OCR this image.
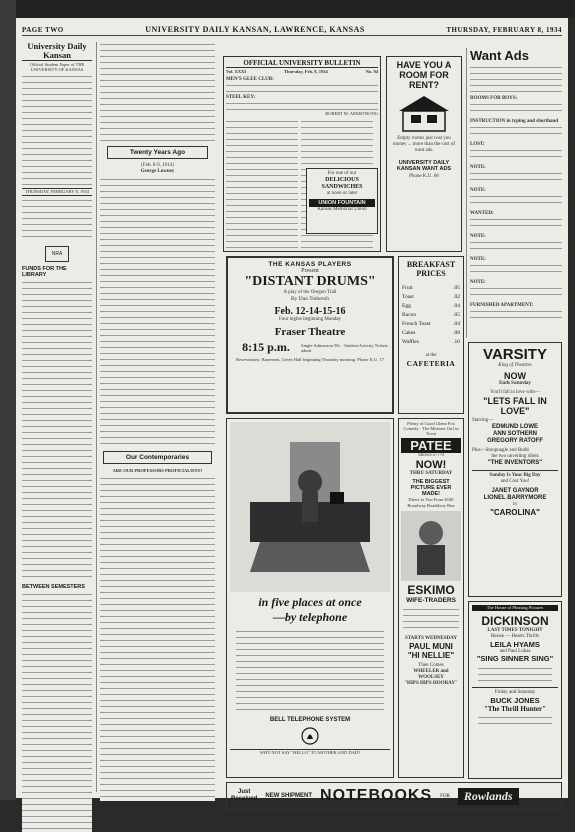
PAGE TWO	UNIVERSITY DAILY KANSAN, LAWRENCE, KANSAS	THURSDAY, FEBRUARY 8, 1934
University Daily Kansan
Official Student Paper of THE UNIVERSITY OF KANSAS
THURSDAY, FEBRUARY 8, 1934
NRA
FUNDS FOR THE LIBRARY
BETWEEN SEMESTERS
Twenty Years Ago
(Feb. 8-9, 1914)
George Lowney
Our Contemporaries
ARE OUR PROFESSORS PROFICIALISTS?
OFFICIAL UNIVERSITY BULLETIN
Vol. XXXI	Thursday, Feb. 8, 1934	No. 94
MEN'S GLEE CLUB:
STEEL KEY:
ROBERT M. ARMSTRONG
For one of our
DELICIOUS SANDWICHES
at noon or later
UNION FOUNTAIN
Kansas Memorial Union
HAVE YOU A ROOM FOR RENT?
Empty rooms just cost you money ... more than the cost of want ads.
UNIVERSITY DAILY KANSAN WANT ADS
Phone K.U. 66
Want Ads
ROOMS FOR BOYS:
INSTRUCTION in typing and shorthand
LOST:
NOTE:
NOTE:
WANTED:
NOTE:
NOTE:
NOTE:
FURNISHED APARTMENT:
THE KANSAS PLAYERS
Present
"DISTANT DRUMS"
A play of the Oregon Trail
By Dan Totheroh
Feb. 12-14-15-16
Four nights beginning Monday
Fraser Theatre
8:15 p.m.	Single Admission 50c · Student Activity Tickets admit
Reservations: Basement, Green Hall beginning Thursday morning. Phone K.U. 17
BREAKFAST PRICES
Fruit	.05
Toast	.02
Egg	.04
Bacon	.05
French Toast	.04
Cakes	.08
Waffles	.10
at the
CAFETERIA
in five places at once
—by telephone
BELL TELEPHONE SYSTEM
WHY NOT SAY "HELLO" TO MOTHER AND DAD?
Plenty of Good Glenn Fox Comedy · The Meanest Girl in Town
PATEE
Shows-2-7-9
NOW!
THRU SATURDAY
THE BIGGEST PICTURE EVER MADE!
Direct to You From $100 Broadway Roadshow Run
ESKIMO
WIFE-TRADERS
STARTS WEDNESDAY
PAUL MUNI
"HI NELLIE"
Then Comes
WHEELER and WOOLSEY
"HIPS HIPS HOORAY"
VARSITY
King of Theatres
NOW
Ends Saturday
You'll fall in love with—
"LETS FALL IN LOVE"
Starring—
EDMUND LOWE
ANN SOTHERN
GREGORY RATOFF
Plus—Stoopnagle and Budd
the two unveiling idiots
"THE INVENTORS"
Sunday Is Your Big Day
and Cost You!
JANET GAYNOR
LIONEL BARRYMORE
in
"CAROLINA"
The House of Pleasing Pictures
DICKINSON
LAST TIMES TONIGHT
Bessie — Hearts Thrills
LEILA HYAMS
and Paul Lukas
"SING SINNER SING"
Friday and Saturday
BUCK JONES
"The Thrill Hunter"
Just
Received NEW SHIPMENT NOTEBOOKS FOR	Rowlands
